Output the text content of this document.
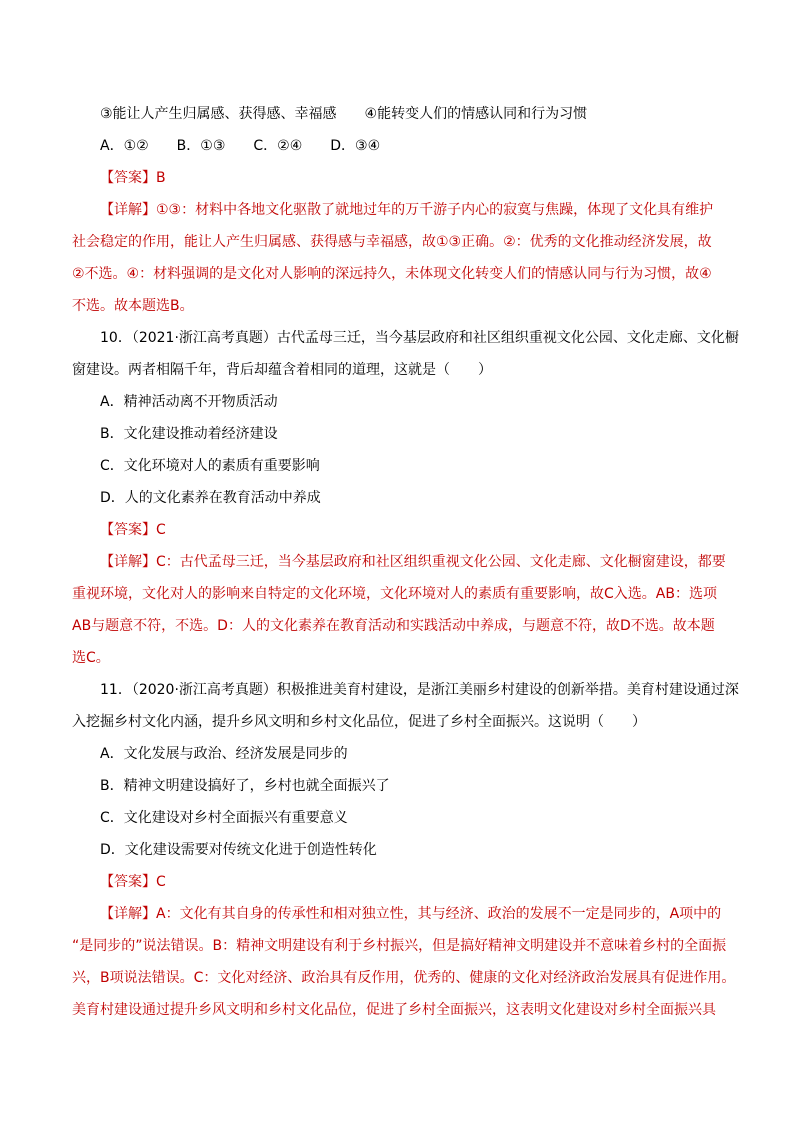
③能让人产生归属感、获得感、幸福感　　④能转变人们的情感认同和行为习惯
A．①②　　B．①③　　C．②④　　D．③④
【答案】B
【详解】①③：材料中各地文化驱散了就地过年的万千游子内心的寂寞与焦躁，体现了文化具有维护
社会稳定的作用，能让人产生归属感、获得感与幸福感，故①③正确。②：优秀的文化推动经济发展，故
②不选。④：材料强调的是文化对人影响的深远持久，未体现文化转变人们的情感认同与行为习惯，故④
不选。故本题选B。
10．（2021·浙江高考真题）古代孟母三迁，当今基层政府和社区组织重视文化公园、文化走廊、文化橱
窗建设。两者相隔千年，背后却蕴含着相同的道理，这就是（　　）
A．精神活动离不开物质活动
B．文化建设推动着经济建设
C．文化环境对人的素质有重要影响
D．人的文化素养在教育活动中养成
【答案】C
【详解】C：古代孟母三迁，当今基层政府和社区组织重视文化公园、文化走廊、文化橱窗建设，都要
重视环境，文化对人的影响来自特定的文化环境，文化环境对人的素质有重要影响，故C入选。AB：选项
AB与题意不符，不选。D：人的文化素养在教育活动和实践活动中养成，与题意不符，故D不选。故本题
选C。
11．（2020·浙江高考真题）积极推进美育村建设，是浙江美丽乡村建设的创新举措。美育村建设通过深
入挖掘乡村文化内涵，提升乡风文明和乡村文化品位，促进了乡村全面振兴。这说明（　　）
A．文化发展与政治、经济发展是同步的
B．精神文明建设搞好了，乡村也就全面振兴了
C．文化建设对乡村全面振兴有重要意义
D．文化建设需要对传统文化进于创造性转化
【答案】C
【详解】A：文化有其自身的传承性和相对独立性，其与经济、政治的发展不一定是同步的，A项中的
“是同步的”说法错误。B：精神文明建设有利于乡村振兴，但是搞好精神文明建设并不意味着乡村的全面振
兴，B项说法错误。C：文化对经济、政治具有反作用，优秀的、健康的文化对经济政治发展具有促进作用。
美育村建设通过提升乡风文明和乡村文化品位，促进了乡村全面振兴，这表明文化建设对乡村全面振兴具
